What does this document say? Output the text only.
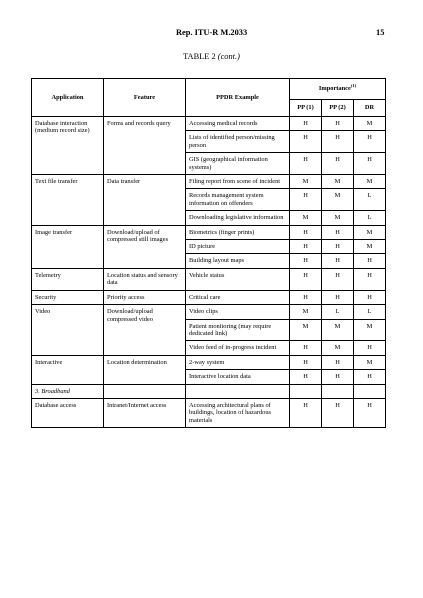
Rep. ITU-R M.2033	15
TABLE 2 (cont.)
Application	Feature	PPDR Example	Importance$^{(1)}$
			PP (1)	PP (2)	DR
Database interaction (medium record size)	Forms and records query	Accessing medical records	H	H	M
		Lists of identified person/missing person	H	H	H
		GIS (geographical information systems)	H	H	H
Text file transfer	Data transfer	Filing report from scene of incident	M	M	M
		Records management system information on offenders	H	M	L
		Downloading legislative information	M	M	L
Image transfer	Download/upload of compressed still images	Biometrics (finger prints)	H	H	M
		ID picture	H	H	M
		Building layout maps	H	H	H
Telemetry	Location status and sensory data	Vehicle status	H	H	H
Security	Priority access	Critical care	H	H	H
Video	Download/upload compressed video	Video clips	M	L	L
		Patient monitoring (may require dedicated link)	M	M	M
		Video feed of in-progress incident	H	M	H
Interactive	Location determination	2-way system	H	H	M
		Interactive location data	H	H	H
3. Broadband					
Database access	Intranet/Internet access	Accessing architectural plans of buildings, location of hazardous materials	H	H	H
